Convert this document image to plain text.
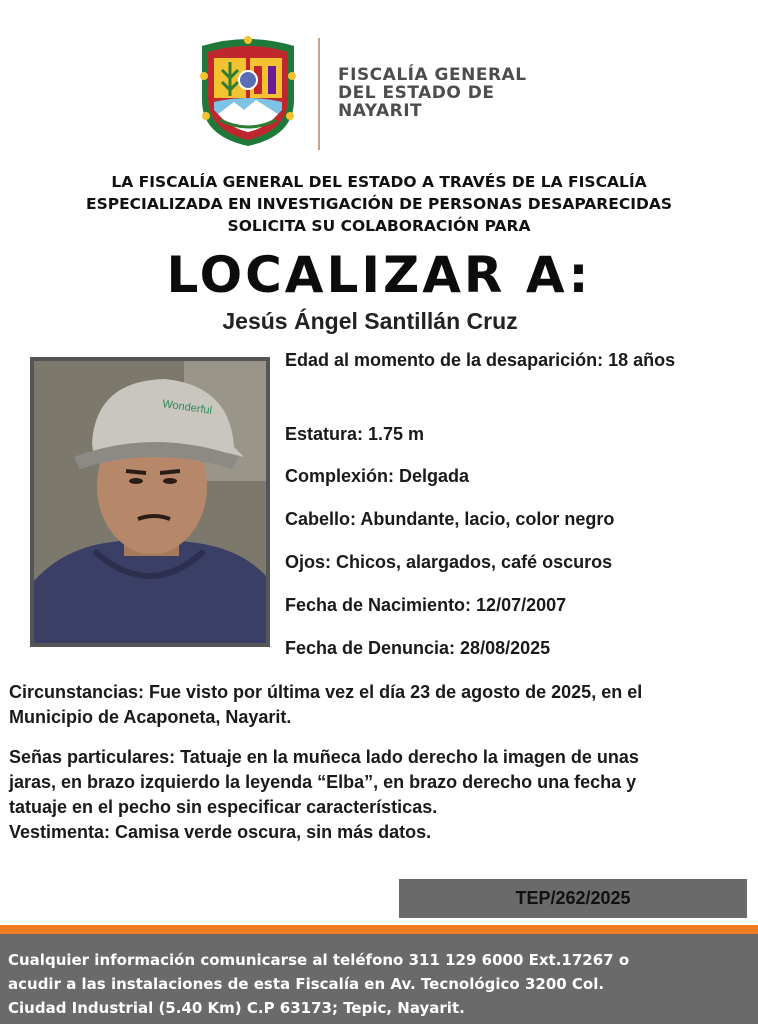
FISCALÍA GENERAL
DEL ESTADO DE
NAYARIT
LA FISCALÍA GENERAL DEL ESTADO A TRAVÉS DE LA FISCALÍA
ESPECIALIZADA EN INVESTIGACIÓN DE PERSONAS DESAPARECIDAS
SOLICITA SU COLABORACIÓN PARA
LOCALIZAR A:
Jesús Ángel Santillán Cruz
Wonderful
Edad al momento de la desaparición: 18 años
Estatura: 1.75 m
Complexión: Delgada
Cabello: Abundante, lacio, color negro
Ojos: Chicos, alargados, café oscuros
Fecha de Nacimiento: 12/07/2007
Fecha de Denuncia: 28/08/2025
Circunstancias: Fue visto por última vez el día 23 de agosto de 2025, en el
Municipio de Acaponeta, Nayarit.
Señas particulares: Tatuaje en la muñeca lado derecho la imagen de unas
jaras, en brazo izquierdo la leyenda “Elba”, en brazo derecho una fecha y
tatuaje en el pecho sin especificar características.
Vestimenta: Camisa verde oscura, sin más datos.
TEP/262/2025
Cualquier información comunicarse al teléfono 311 129 6000 Ext.17267 o
acudir a las instalaciones de esta Fiscalía en Av. Tecnológico 3200 Col.
Ciudad Industrial (5.40 Km) C.P 63173; Tepic, Nayarit.
